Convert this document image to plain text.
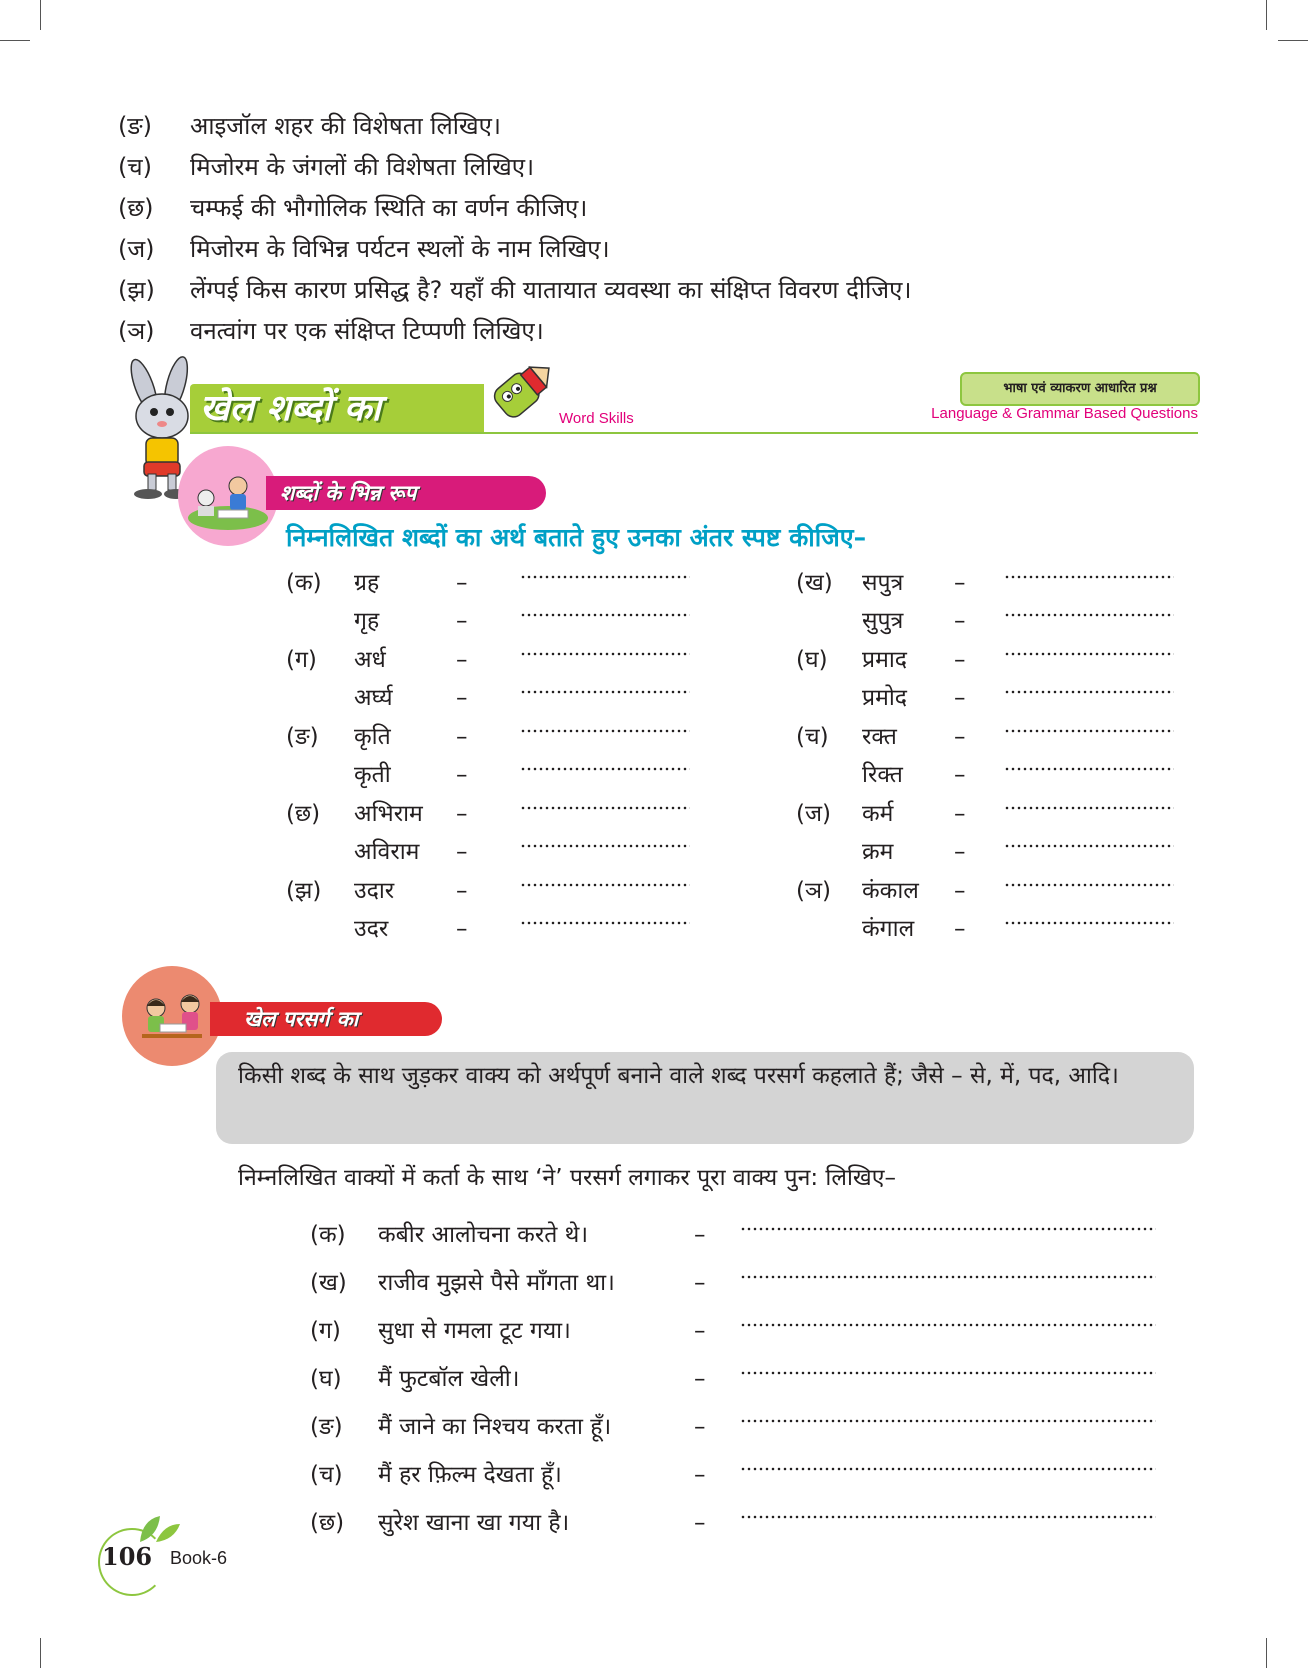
(ङ)	आइजॉल शहर की विशेषता लिखिए।
(च)	मिजोरम के जंगलों की विशेषता लिखिए।
(छ)	चम्फई की भौगोलिक स्थिति का वर्णन कीजिए।
(ज)	मिजोरम के विभिन्न पर्यटन स्थलों के नाम लिखिए।
(झ)	लेंग्पई किस कारण प्रसिद्ध है? यहाँ की यातायात व्यवस्था का संक्षिप्त विवरण दीजिए।
(ञ)	वनत्वांग पर एक संक्षिप्त टिप्पणी लिखिए।
खेल शब्दों का	Word Skills
भाषा एवं व्याकरण आधारित प्रश्न
Language & Grammar Based Questions
शब्दों के भिन्न रूप
निम्नलिखित शब्दों का अर्थ बताते हुए उनका अंतर स्पष्ट कीजिए–
(क) ग्रह	–
गृह	–
(ग) अर्ध	–
अर्घ्य	–
(ङ) कृति	–
कृती	–
(छ) अभिराम –
अविराम –
(झ) उदार	–
उदर	–
(ख) सपुत्र –
सुपुत्र –
(घ) प्रमाद –
प्रमोद –
(च) रक्त –
रिक्त –
(ज) कर्म	–
क्रम	–
(ञ) कंकाल –
कंगाल –
खेल परसर्ग का
किसी शब्द के साथ जुड़कर वाक्य को अर्थपूर्ण बनाने वाले शब्द परसर्ग कहलाते हैं; जैसे – से, में, पद, आदि।
निम्नलिखित वाक्यों में कर्ता के साथ ‘ने’ परसर्ग लगाकर पूरा वाक्य पुन: लिखिए–
(क) कबीर आलोचना करते थे।	–
(ख) राजीव मुझसे पैसे माँगता था।	–
(ग) सुधा से गमला टूट गया।	–
(घ) मैं फुटबॉल खेली।	–
(ङ) मैं जाने का निश्चय करता हूँ।	–
(च) मैं हर फ़िल्म देखता हूँ।	–
(छ) सुरेश खाना खा गया है।	–
106 Book-6
